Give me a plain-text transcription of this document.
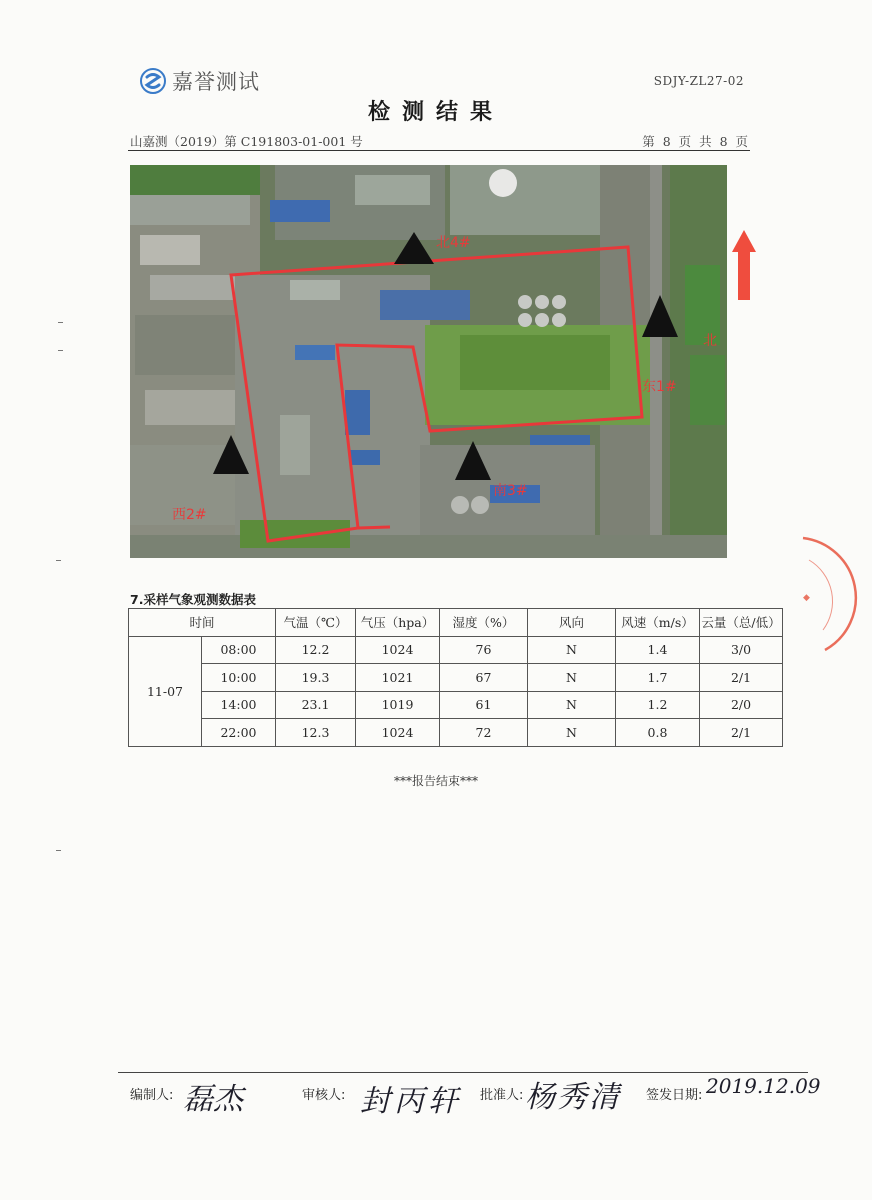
嘉誉测试	SDJY-ZL27-02
检测结果
山嘉测（2019）第 C191803-01-001 号	第 8 页 共 8 页
北4#
东1#
南3#
西2#
北
7.采样气象观测数据表
时间		气温（℃）	气压（hpa）	湿度（%）	风向	风速（m/s）	云量（总/低）
11-07	08:00	12.2	1024	76	N	1.4	3/0
	10:00	19.3	1021	67	N	1.7	2/1
	14:00	23.1	1019	61	N	1.2	2/0
	22:00	12.3	1024	72	N	0.8	2/1
***报告结束***
◆
编制人: 磊杰	审核人: 封丙轩 批准人: 杨秀清 签发日期: 2019.12.09
